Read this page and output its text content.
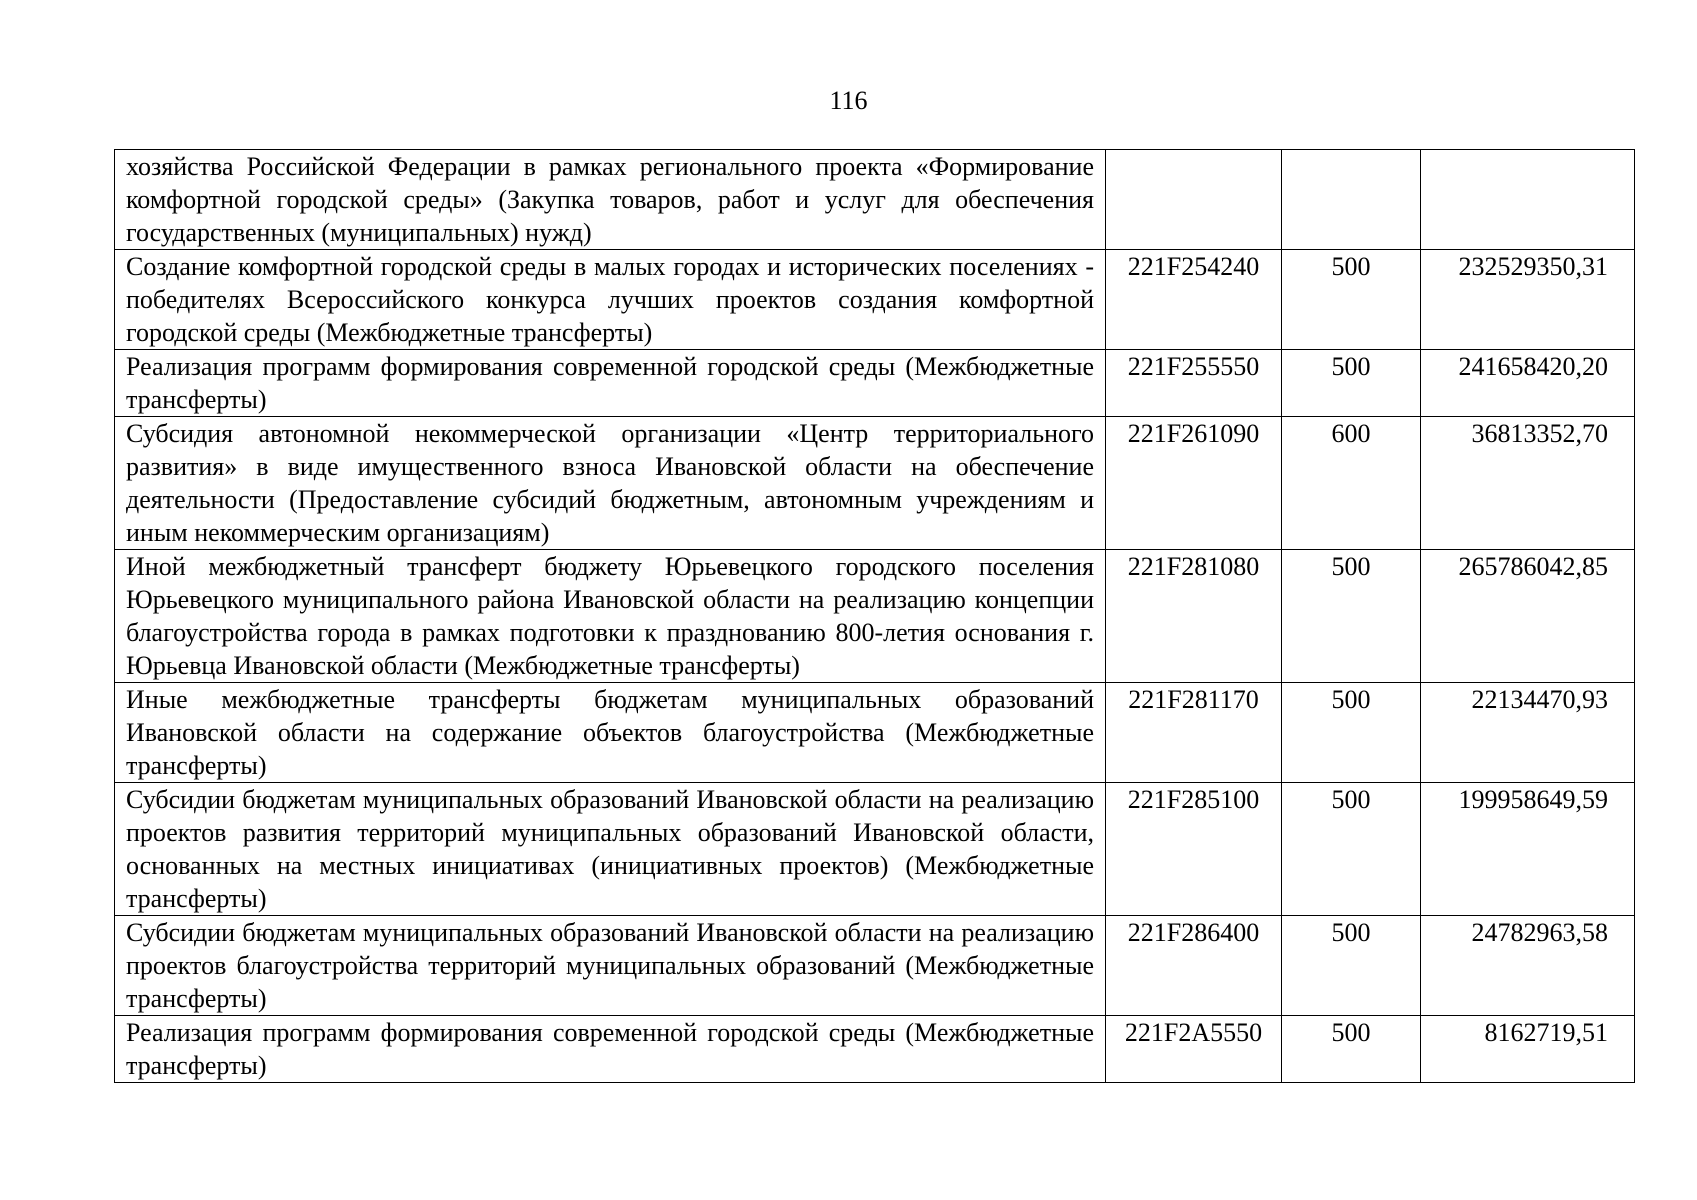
116
хозяйства Российской Федерации в рамках регионального проекта «Формирование комфортной городской среды» (Закупка товаров, работ и услуг для обеспечения государственных (муниципальных) нужд)			
Создание комфортной городской среды в малых городах и исторических поселениях - победителях Всероссийского конкурса лучших проектов создания комфортной городской среды (Межбюджетные трансферты)	221F254240	500	232529350,31
Реализация программ формирования современной городской среды (Межбюджетные трансферты)	221F255550	500	241658420,20
Субсидия автономной некоммерческой организации «Центр территориального развития» в виде имущественного взноса Ивановской области на обеспечение деятельности (Предоставление субсидий бюджетным, автономным учреждениям и иным некоммерческим организациям)	221F261090	600	36813352,70
Иной межбюджетный трансферт бюджету Юрьевецкого городского поселения Юрьевецкого муниципального района Ивановской области на реализацию концепции благоустройства города в рамках подготовки к празднованию 800-летия основания г. Юрьевца Ивановской области (Межбюджетные трансферты)	221F281080	500	265786042,85
Иные межбюджетные трансферты бюджетам муниципальных образований Ивановской области на содержание объектов благоустройства (Межбюджетные трансферты)	221F281170	500	22134470,93
Субсидии бюджетам муниципальных образований Ивановской области на реализацию проектов развития территорий муниципальных образований Ивановской области, основанных на местных инициативах (инициативных проектов) (Межбюджетные трансферты)	221F285100	500	199958649,59
Субсидии бюджетам муниципальных образований Ивановской области на реализацию проектов благоустройства территорий муниципальных образований (Межбюджетные трансферты)	221F286400	500	24782963,58
Реализация программ формирования современной городской среды (Межбюджетные трансферты)	221F2A5550	500	8162719,51
